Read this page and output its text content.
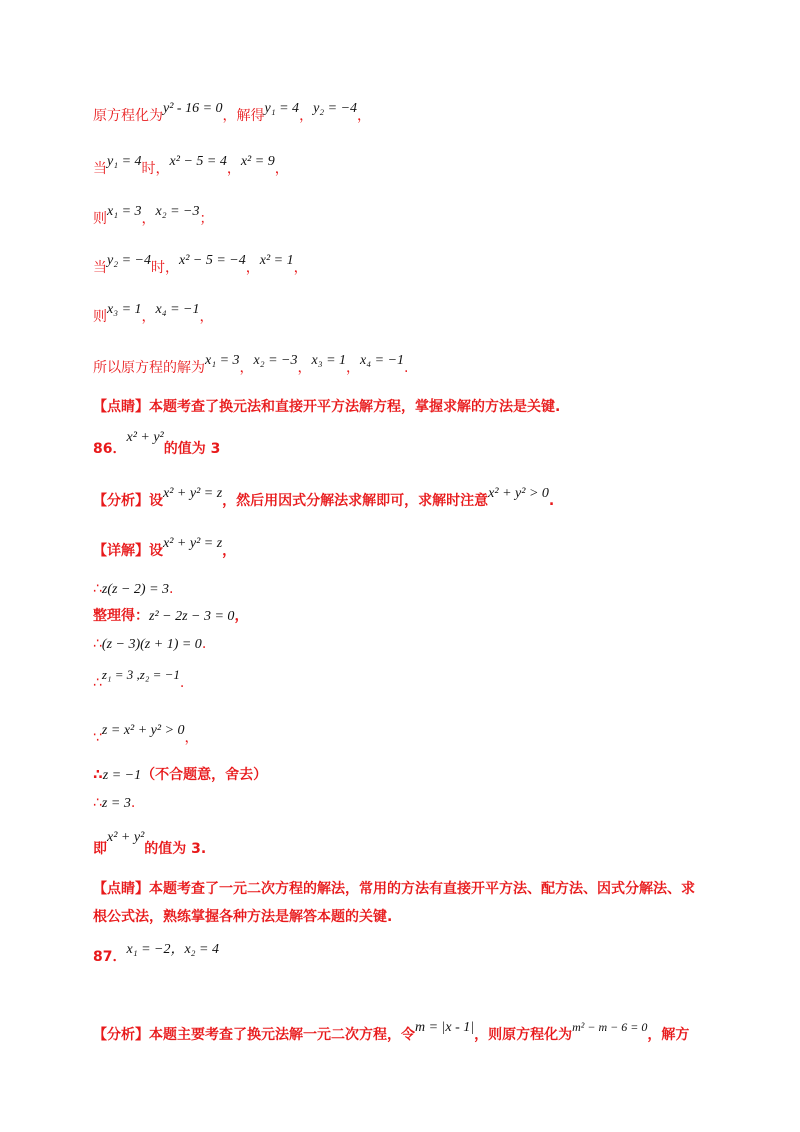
原方程化为y² - 16 = 0，解得y₁ = 4，y₂ = −4，
当y₁ = 4时，x² − 5 = 4，x² = 9，
则x₁ = 3，x₂ = −3；
当y₂ = −4时，x² − 5 = −4，x² = 1，
则x₃ = 1，x₄ = −1，
所以原方程的解为x₁ = 3，x₂ = −3，x₃ = 1，x₄ = −1.
【点睛】本题考查了换元法和直接开平方法解方程，掌握求解的方法是关键.
86．x² + y²的值为 3
【分析】设x² + y² = z，然后用因式分解法求解即可，求解时注意x² + y² > 0.
【详解】设x² + y² = z，
∴z(z − 2) = 3.
整理得：z² − 2z − 3 = 0，
∴(z − 3)(z + 1) = 0.
∴z₁ = 3 ,z₂ = −1.
∵z = x² + y² > 0，
∴z = −1（不合题意，舍去）
∴z = 3.
即x² + y²的值为 3.
【点睛】本题考查了一元二次方程的解法，常用的方法有直接开平方法、配方法、因式分解法、求
根公式法，熟练掌握各种方法是解答本题的关键.
87．x₁ = −2，x₂ = 4
【分析】本题主要考查了换元法解一元二次方程，令m = |x - 1|，则原方程化为m² − m − 6 = 0，解方
